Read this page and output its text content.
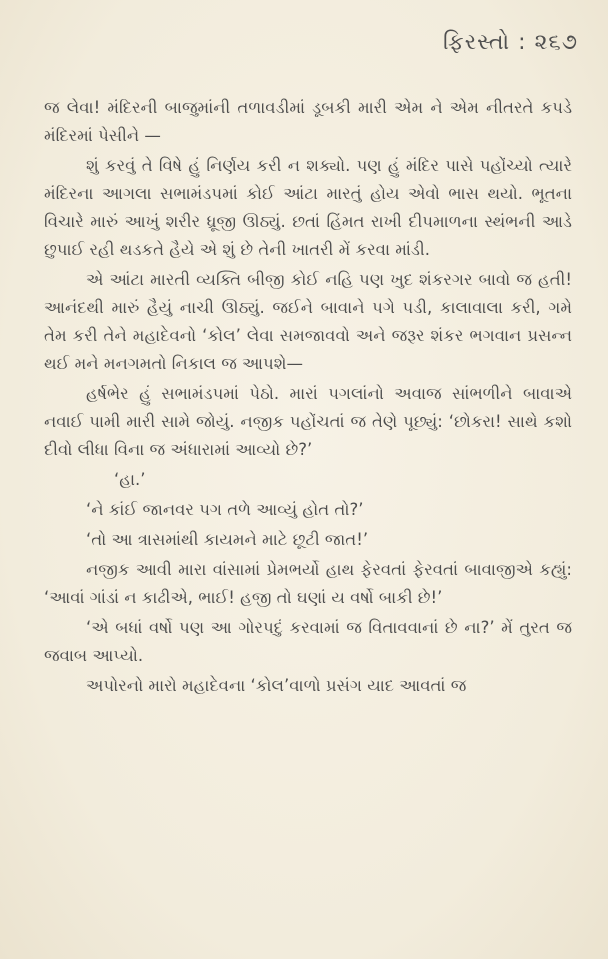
ફિરસ્તો : ૨૬૭

જ લેવા! મંદિરની બાજુમાંની તળાવડીમાં ડૂબકી મારી એમ ને એમ નીતરતે કપડે મંદિરમાં પેસીને —

શું કરવું તે વિષે હું નિર્ણય કરી ન શક્યો. પણ હું મંદિર પાસે પહોંચ્યો ત્યારે મંદિરના આગલા સભામંડપમાં કોઈ આંટા મારતું હોય એવો ભાસ થયો. ભૂતના વિચારે મારું આખું શરીર ધ્રૂજી ઊઠ્યું. છતાં હિંમત રાખી દીપમાળના સ્થંભની આડે છુપાઈ રહી થડકતે હૈયે એ શું છે તેની ખાતરી મેં કરવા માંડી.

એ આંટા મારતી વ્યક્તિ બીજી કોઈ નહિ પણ ખુદ શંકરગર બાવો જ હતી! આનંદથી મારું હૈયું નાચી ઊઠ્યું. જઈને બાવાને પગે પડી, કાલાવાલા કરી, ગમે તેમ કરી તેને મહાદેવનો ‘કોલ’ લેવા સમજાવવો અને જરૂર શંકર ભગવાન પ્રસન્ન થઈ મને મનગમતો નિકાલ જ આપશે—

હર્ષભેર હું સભામંડપમાં પેઠો. મારાં પગલાંનો અવાજ સાંભળીને બાવાએ નવાઈ પામી મારી સામે જોયું. નજીક પહોંચતાં જ તેણે પૂછ્યું: ‘છોકરા! સાથે કશો દીવો લીધા વિના જ અંધારામાં આવ્યો છે?’

‘હા.’

‘ને કાંઈ જાનવર પગ તળે આવ્યું હોત તો?’

‘તો આ ત્રાસમાંથી કાયમને માટે છૂટી જાત!’

નજીક આવી મારા વાંસામાં પ્રેમભર્યો હાથ ફેરવતાં ફેરવતાં બાવાજીએ કહ્યું: ‘આવાં ગાંડાં ન કાઢીએ, ભાઈ! હજી તો ઘણાં ય વર્ષો બાકી છે!’

‘એ બધાં વર્ષો પણ આ ગોરપદું કરવામાં જ વિતાવવાનાં છે ના?’ મેં તુરત જ જવાબ આપ્યો.

અપોરનો મારો મહાદેવના ‘કોલ’વાળો પ્રસંગ યાદ આવતાં જ
